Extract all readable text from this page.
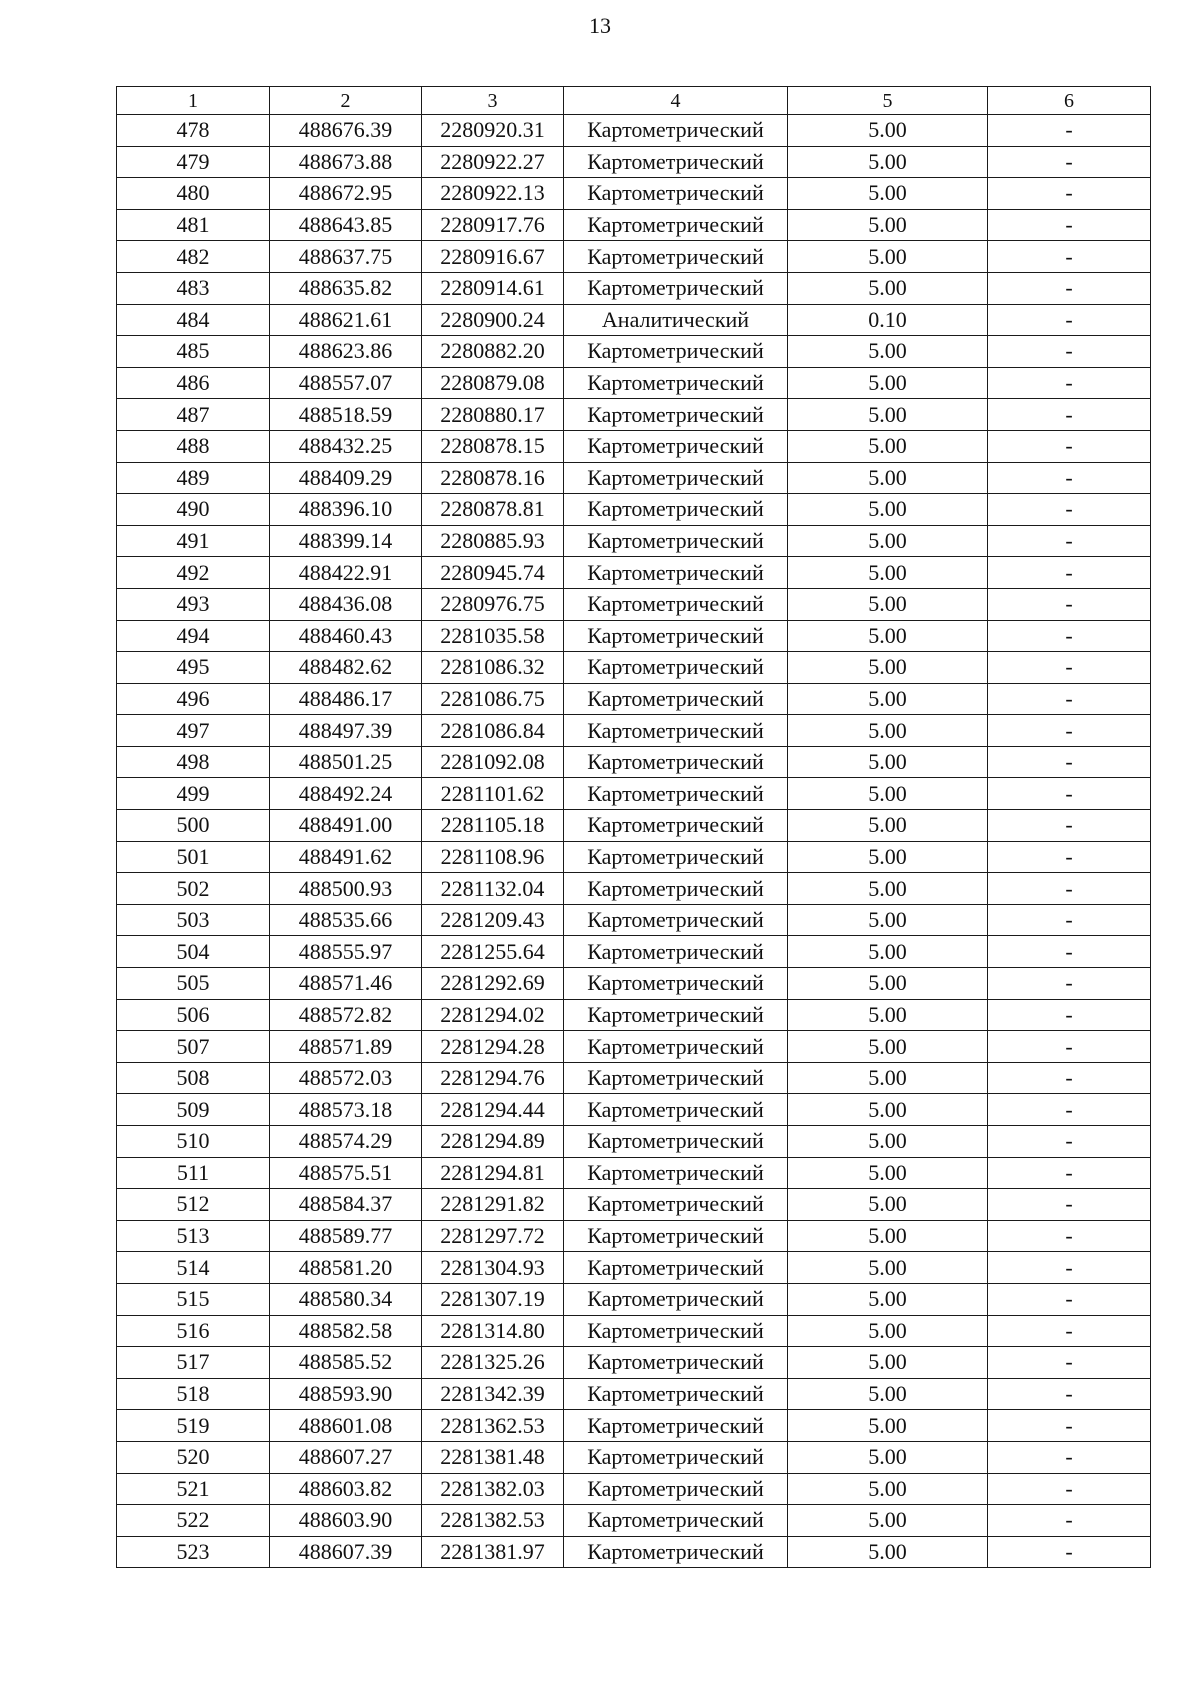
13
1	2	3	4	5	6
478	488676.39	2280920.31	Картометрический	5.00	-
479	488673.88	2280922.27	Картометрический	5.00	-
480	488672.95	2280922.13	Картометрический	5.00	-
481	488643.85	2280917.76	Картометрический	5.00	-
482	488637.75	2280916.67	Картометрический	5.00	-
483	488635.82	2280914.61	Картометрический	5.00	-
484	488621.61	2280900.24	Аналитический	0.10	-
485	488623.86	2280882.20	Картометрический	5.00	-
486	488557.07	2280879.08	Картометрический	5.00	-
487	488518.59	2280880.17	Картометрический	5.00	-
488	488432.25	2280878.15	Картометрический	5.00	-
489	488409.29	2280878.16	Картометрический	5.00	-
490	488396.10	2280878.81	Картометрический	5.00	-
491	488399.14	2280885.93	Картометрический	5.00	-
492	488422.91	2280945.74	Картометрический	5.00	-
493	488436.08	2280976.75	Картометрический	5.00	-
494	488460.43	2281035.58	Картометрический	5.00	-
495	488482.62	2281086.32	Картометрический	5.00	-
496	488486.17	2281086.75	Картометрический	5.00	-
497	488497.39	2281086.84	Картометрический	5.00	-
498	488501.25	2281092.08	Картометрический	5.00	-
499	488492.24	2281101.62	Картометрический	5.00	-
500	488491.00	2281105.18	Картометрический	5.00	-
501	488491.62	2281108.96	Картометрический	5.00	-
502	488500.93	2281132.04	Картометрический	5.00	-
503	488535.66	2281209.43	Картометрический	5.00	-
504	488555.97	2281255.64	Картометрический	5.00	-
505	488571.46	2281292.69	Картометрический	5.00	-
506	488572.82	2281294.02	Картометрический	5.00	-
507	488571.89	2281294.28	Картометрический	5.00	-
508	488572.03	2281294.76	Картометрический	5.00	-
509	488573.18	2281294.44	Картометрический	5.00	-
510	488574.29	2281294.89	Картометрический	5.00	-
511	488575.51	2281294.81	Картометрический	5.00	-
512	488584.37	2281291.82	Картометрический	5.00	-
513	488589.77	2281297.72	Картометрический	5.00	-
514	488581.20	2281304.93	Картометрический	5.00	-
515	488580.34	2281307.19	Картометрический	5.00	-
516	488582.58	2281314.80	Картометрический	5.00	-
517	488585.52	2281325.26	Картометрический	5.00	-
518	488593.90	2281342.39	Картометрический	5.00	-
519	488601.08	2281362.53	Картометрический	5.00	-
520	488607.27	2281381.48	Картометрический	5.00	-
521	488603.82	2281382.03	Картометрический	5.00	-
522	488603.90	2281382.53	Картометрический	5.00	-
523	488607.39	2281381.97	Картометрический	5.00	-
